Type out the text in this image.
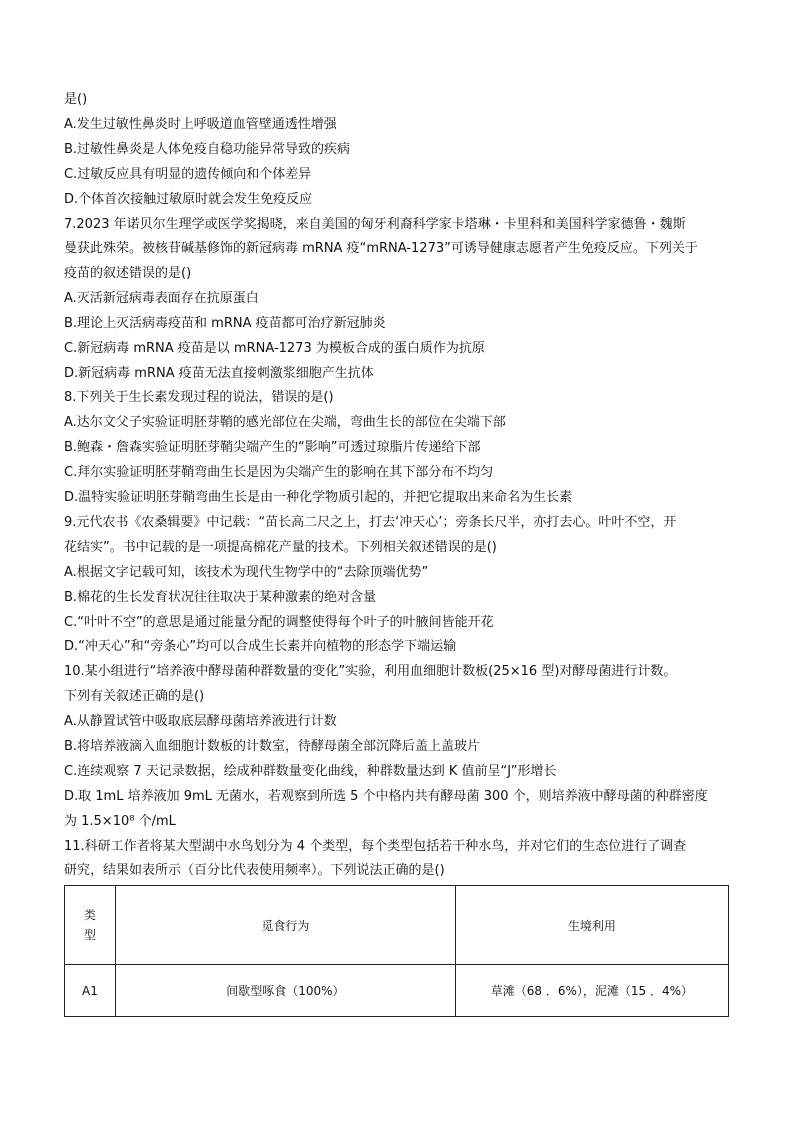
是()
A.发生过敏性鼻炎时上呼吸道血管壁通透性增强
B.过敏性鼻炎是人体免疫自稳功能异常导致的疾病
C.过敏反应具有明显的遗传倾向和个体差异
D.个体首次接触过敏原时就会发生免疫反应
7.2023 年诺贝尔生理学或医学奖揭晓，来自美国的匈牙利裔科学家卡塔琳・卡里科和美国科学家德鲁・魏斯
曼获此殊荣。被核苷碱基修饰的新冠病毒 mRNA 疫“mRNA-1273”可诱导健康志愿者产生免疫反应。下列关于
疫苗的叙述错误的是()
A.灭活新冠病毒表面存在抗原蛋白
B.理论上灭活病毒疫苗和 mRNA 疫苗都可治疗新冠肺炎
C.新冠病毒 mRNA 疫苗是以 mRNA-1273 为模板合成的蛋白质作为抗原
D.新冠病毒 mRNA 疫苗无法直接刺激浆细胞产生抗体
8.下列关于生长素发现过程的说法，错误的是()
A.达尔文父子实验证明胚芽鞘的感光部位在尖端，弯曲生长的部位在尖端下部
B.鲍森・詹森实验证明胚芽鞘尖端产生的“影响”可透过琼脂片传递给下部
C.拜尔实验证明胚芽鞘弯曲生长是因为尖端产生的影响在其下部分布不均匀
D.温特实验证明胚芽鞘弯曲生长是由一种化学物质引起的，并把它提取出来命名为生长素
9.元代农书《农桑辑要》中记载：“苗长高二尺之上，打去‘冲天心’；旁条长尺半，亦打去心。叶叶不空，开
花结实”。书中记载的是一项提高棉花产量的技术。下列相关叙述错误的是()
A.根据文字记载可知，该技术为现代生物学中的“去除顶端优势”
B.棉花的生长发育状况往往取决于某种激素的绝对含量
C.“叶叶不空”的意思是通过能量分配的调整使得每个叶子的叶腋间皆能开花
D.“冲天心”和“旁条心”均可以合成生长素并向植物的形态学下端运输
10.某小组进行“培养液中酵母菌种群数量的变化”实验，利用血细胞计数板(25×16 型)对酵母菌进行计数。
下列有关叙述正确的是()
A.从静置试管中吸取底层酵母菌培养液进行计数
B.将培养液滴入血细胞计数板的计数室，待酵母菌全部沉降后盖上盖玻片
C.连续观察 7 天记录数据，绘成种群数量变化曲线，种群数量达到 K 值前呈“J”形增长
D.取 1mL 培养液加 9mL 无菌水，若观察到所选 5 个中格内共有酵母菌 300 个，则培养液中酵母菌的种群密度
为 1.5×10⁸ 个/mL
11.科研工作者将某大型湖中水鸟划分为 4 个类型，每个类型包括若干种水鸟，并对它们的生态位进行了调查
研究，结果如表所示（百分比代表使用频率）。下列说法正确的是()
类型	觅食行为	生境利用
A1	间歇型啄食（100%）	草滩（68 ．6%），泥滩（15 ．4%）
